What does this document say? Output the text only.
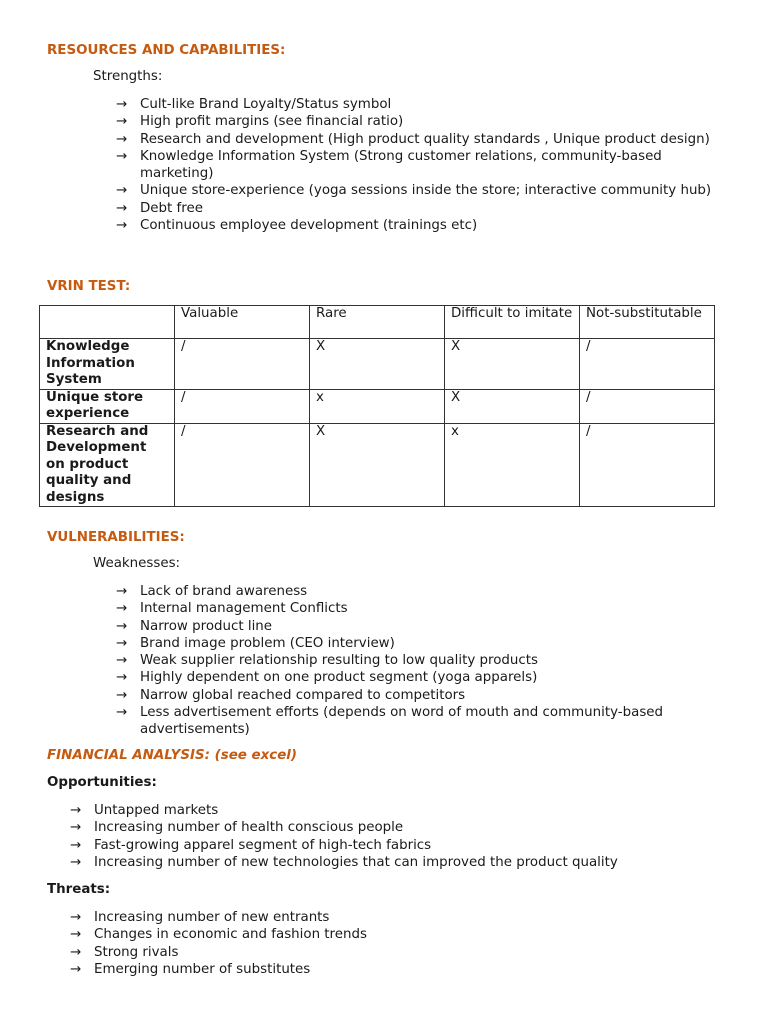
RESOURCES AND CAPABILITIES:
Strengths:
→ Cult-like Brand Loyalty/Status symbol
→ High profit margins (see financial ratio)
→ Research and development (High product quality standards , Unique product design)
→ Knowledge Information System (Strong customer relations, community-based marketing)
→ Unique store-experience (yoga sessions inside the store; interactive community hub)
→ Debt free
→ Continuous employee development (trainings etc)
VRIN TEST:
	Valuable	Rare	Difficult to imitate	Not-substitutable
Knowledge Information System	/	X	X	/
Unique store experience	/	x	X	/
Research and Development on product quality and designs	/	X	x	/
VULNERABILITIES:
Weaknesses:
→ Lack of brand awareness
→ Internal management Conflicts
→ Narrow product line
→ Brand image problem (CEO interview)
→ Weak supplier relationship resulting to low quality products
→ Highly dependent on one product segment (yoga apparels)
→ Narrow global reached compared to competitors
→ Less advertisement efforts (depends on word of mouth and community-based advertisements)
FINANCIAL ANALYSIS: (see excel)
Opportunities:
→ Untapped markets
→ Increasing number of health conscious people
→ Fast-growing apparel segment of high-tech fabrics
→ Increasing number of new technologies that can improved the product quality
Threats:
→ Increasing number of new entrants
→ Changes in economic and fashion trends
→ Strong rivals
→ Emerging number of substitutes
